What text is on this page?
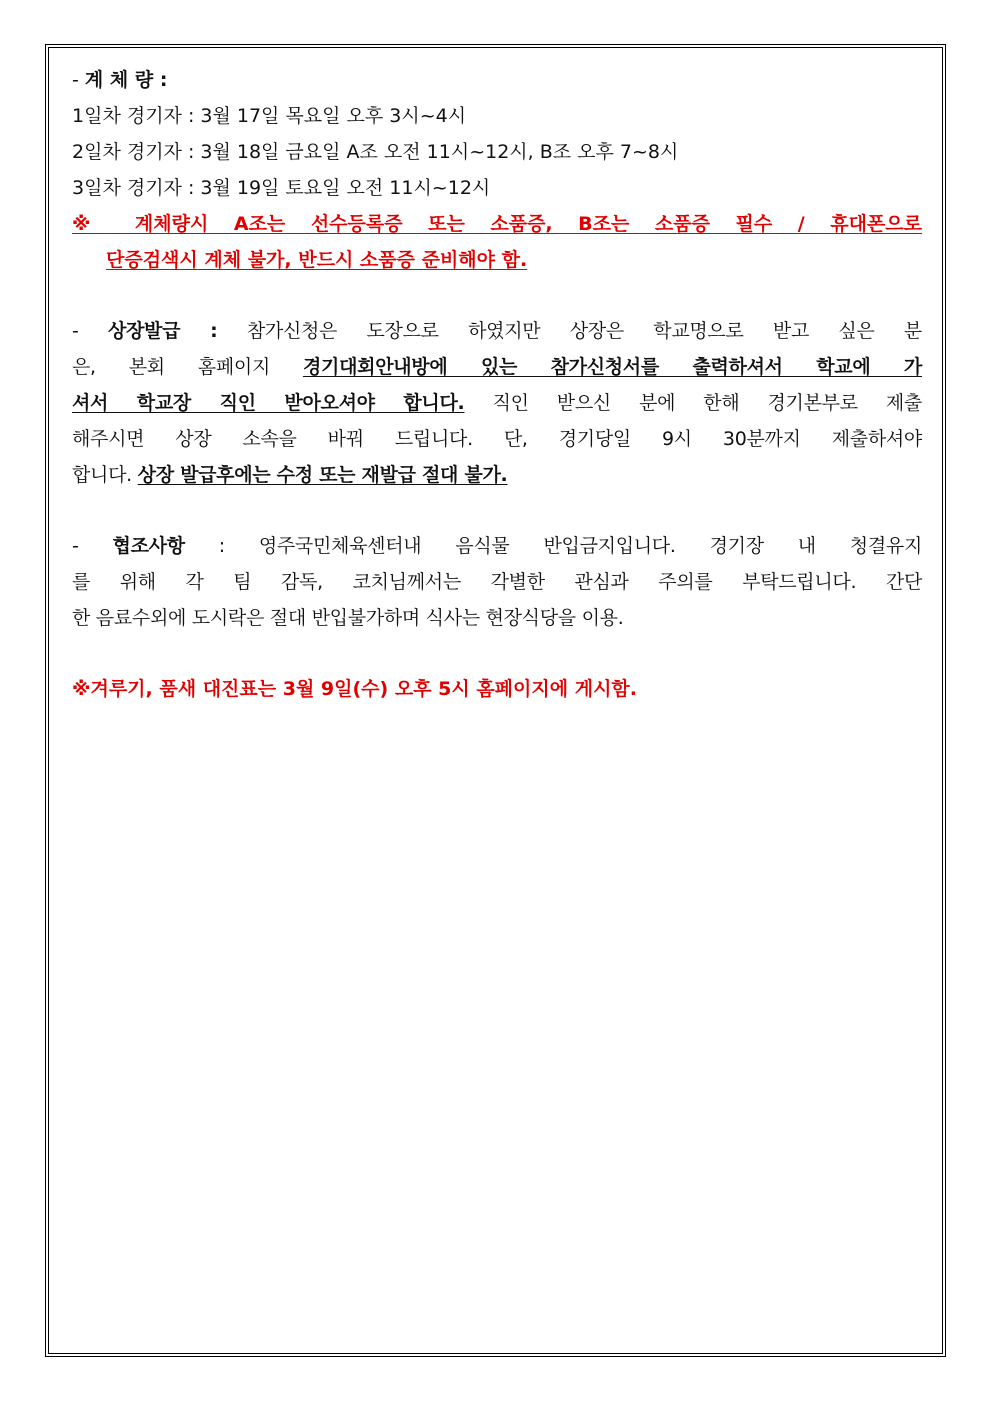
- 계 체 량 :
1일차 경기자 : 3월 17일 목요일 오후 3시~4시
2일차 경기자 : 3월 18일 금요일 A조 오전 11시~12시, B조 오후 7~8시
3일차 경기자 : 3월 19일 토요일 오전 11시~12시
※ 계체량시 A조는 선수등록증 또는 소품증, B조는 소품증 필수 / 휴대폰으로
단증검색시 계체 불가, 반드시 소품증 준비해야 함.
- 상장발급 : 참가신청은 도장으로 하였지만 상장은 학교명으로 받고 싶은 분
은, 본회 홈페이지 경기대회안내방에 있는 참가신청서를 출력하셔서 학교에 가
셔서 학교장 직인 받아오셔야 합니다. 직인 받으신 분에 한해 경기본부로 제출
해주시면 상장 소속을 바꿔 드립니다. 단, 경기당일 9시 30분까지 제출하셔야
합니다. 상장 발급후에는 수정 또는 재발급 절대 불가.
- 협조사항 : 영주국민체육센터내 음식물 반입금지입니다. 경기장 내 청결유지
를 위해 각 팀 감독, 코치님께서는 각별한 관심과 주의를 부탁드립니다. 간단
한 음료수외에 도시락은 절대 반입불가하며 식사는 현장식당을 이용.
※겨루기, 품새 대진표는 3월 9일(수) 오후 5시 홈페이지에 게시함.
